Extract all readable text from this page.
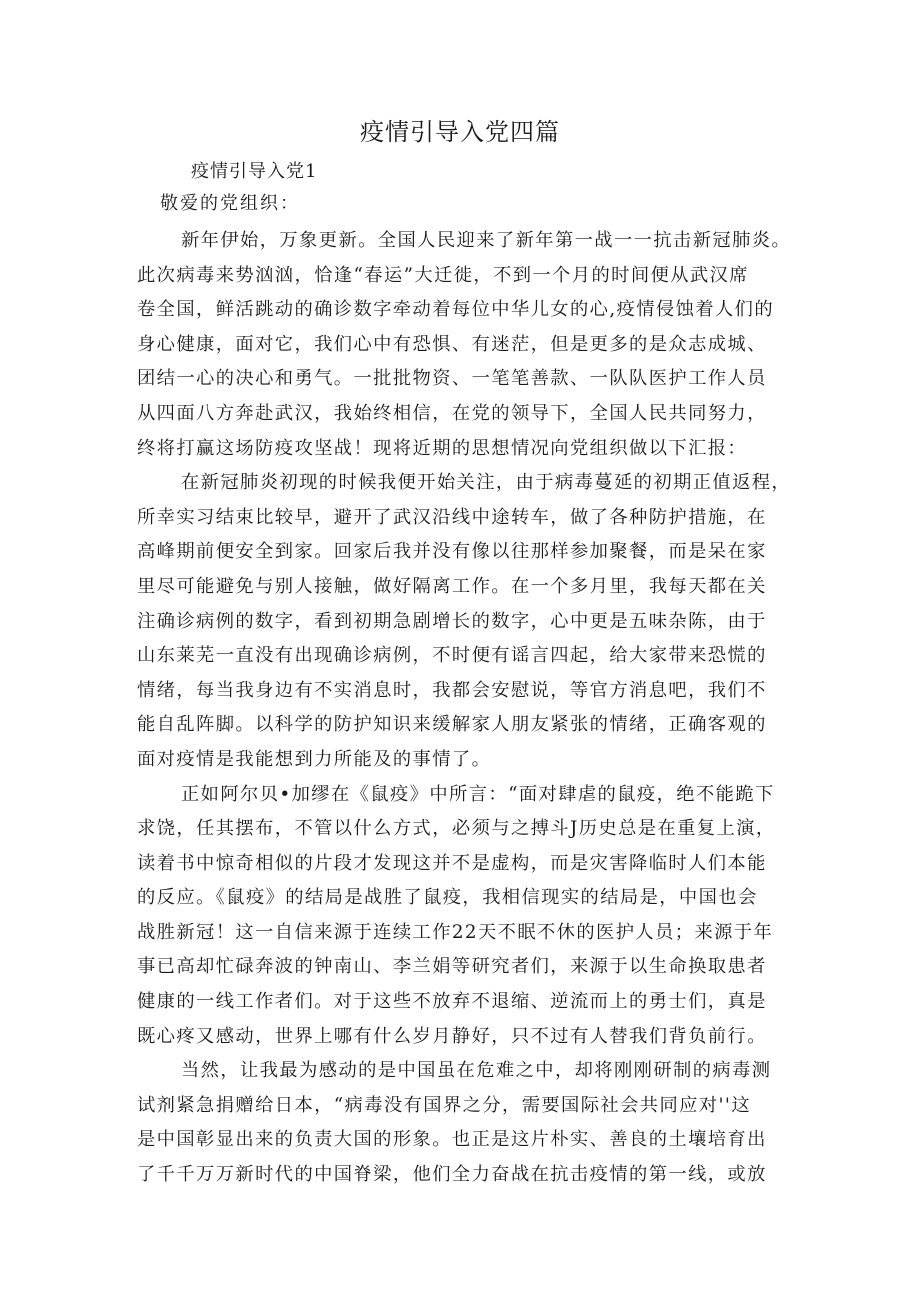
疫情引导入党四篇
疫情引导入党1
敬爱的党组织：
新年伊始，万象更新。全国人民迎来了新年第一战一一抗击新冠肺炎。
此次病毒来势汹汹，恰逢“春运”大迁徙，不到一个月的时间便从武汉席
卷全国，鲜活跳动的确诊数字牵动着每位中华儿女的心,疫情侵蚀着人们的
身心健康，面对它，我们心中有恐惧、有迷茫，但是更多的是众志成城、
团结一心的决心和勇气。一批批物资、一笔笔善款、一队队医护工作人员
从四面八方奔赴武汉，我始终相信，在党的领导下，全国人民共同努力，
终将打赢这场防疫攻坚战！现将近期的思想情况向党组织做以下汇报：
在新冠肺炎初现的时候我便开始关注，由于病毒蔓延的初期正值返程，
所幸实习结束比较早，避开了武汉沿线中途转车，做了各种防护措施，在
高峰期前便安全到家。回家后我并没有像以往那样参加聚餐，而是呆在家
里尽可能避免与别人接触，做好隔离工作。在一个多月里，我每天都在关
注确诊病例的数字，看到初期急剧增长的数字，心中更是五味杂陈，由于
山东莱芜一直没有出现确诊病例，不时便有谣言四起，给大家带来恐慌的
情绪，每当我身边有不实消息时，我都会安慰说，等官方消息吧，我们不
能自乱阵脚。以科学的防护知识来缓解家人朋友紧张的情绪，正确客观的
面对疫情是我能想到力所能及的事情了。
正如阿尔贝•加缪在《鼠疫》中所言：“面对肆虐的鼠疫，绝不能跪下
求饶，任其摆布，不管以什么方式，必须与之搏斗J历史总是在重复上演，
读着书中惊奇相似的片段才发现这并不是虚构，而是灾害降临时人们本能
的反应。《鼠疫》的结局是战胜了鼠疫，我相信现实的结局是，中国也会
战胜新冠！这一自信来源于连续工作22天不眠不休的医护人员；来源于年
事已高却忙碌奔波的钟南山、李兰娟等研究者们，来源于以生命换取患者
健康的一线工作者们。对于这些不放弃不退缩、逆流而上的勇士们，真是
既心疼又感动，世界上哪有什么岁月静好，只不过有人替我们背负前行。
当然，让我最为感动的是中国虽在危难之中，却将刚刚研制的病毒测
试剂紧急捐赠给日本，“病毒没有国界之分，需要国际社会共同应对''这
是中国彰显出来的负责大国的形象。也正是这片朴实、善良的土壤培育出
了千千万万新时代的中国脊梁，他们全力奋战在抗击疫情的第一线，或放
